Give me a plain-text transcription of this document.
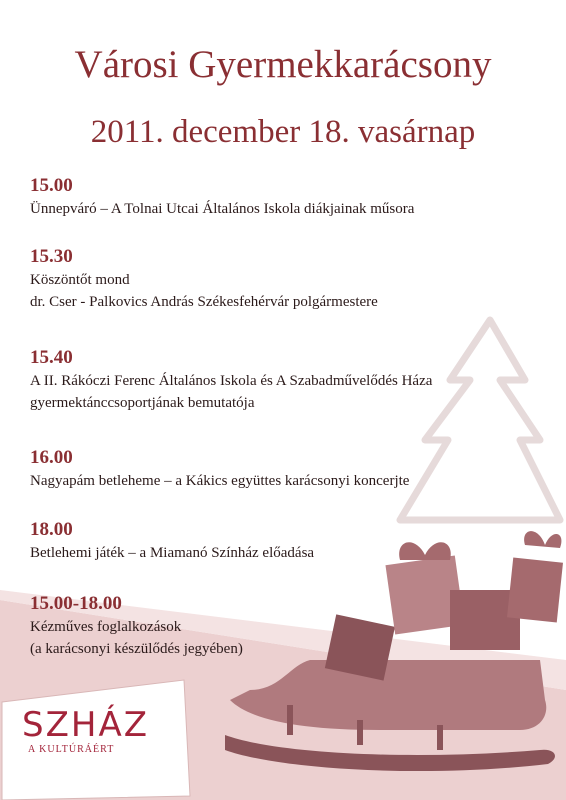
Városi Gyermekkarácsony
2011. december 18. vasárnap
15.00
Ünnepváró – A Tolnai Utcai Általános Iskola diákjainak műsora
15.30
Köszöntőt mond
dr. Cser - Palkovics András Székesfehérvár polgármestere
15.40
A II. Rákóczi Ferenc Általános Iskola és A Szabadművelődés Háza
gyermektánccsoportjának bemutatója
16.00
Nagyapám betleheme – a Kákics együttes karácsonyi koncerjte
18.00
Betlehemi játék – a Miamanó Színház előadása
15.00-18.00
Kézműves foglalkozások
(a karácsonyi készülődés jegyében)
SZHÁZ
A KULTÚRÁÉRT
